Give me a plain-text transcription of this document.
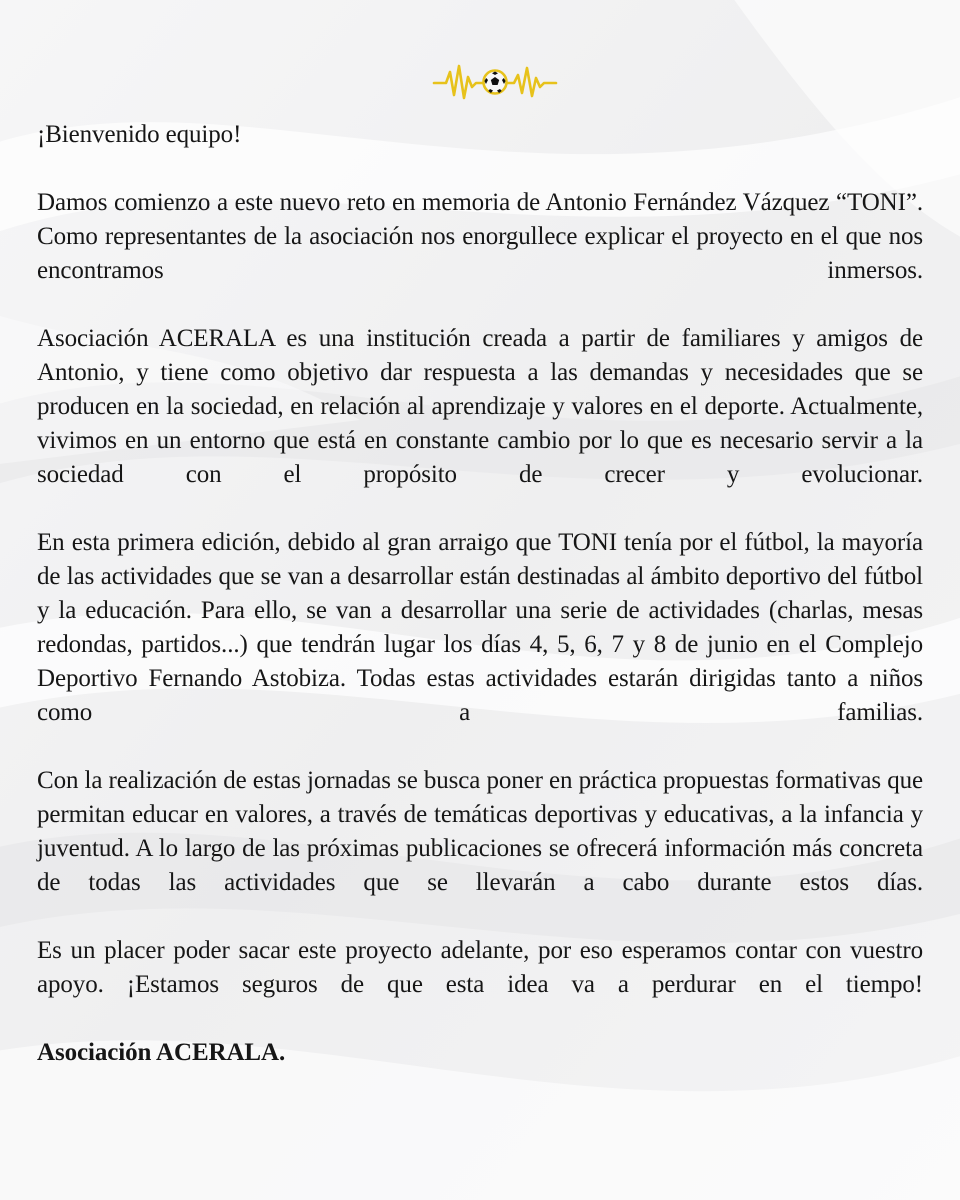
¡Bienvenido equipo!

Damos comienzo a este nuevo reto en memoria de Antonio Fernández Vázquez “TONI”. Como representantes de la asociación nos enorgullece explicar el proyecto en el que nos encontramos inmersos.

Asociación ACERALA es una institución creada a partir de familiares y amigos de Antonio, y tiene como objetivo dar respuesta a las demandas y necesidades que se producen en la sociedad, en relación al aprendizaje y valores en el deporte. Actualmente, vivimos en un entorno que está en constante cambio por lo que es necesario servir a la sociedad con el propósito de crecer y evolucionar.

En esta primera edición, debido al gran arraigo que TONI tenía por el fútbol, la mayoría de las actividades que se van a desarrollar están destinadas al ámbito deportivo del fútbol y la educación. Para ello, se van a desarrollar una serie de actividades (charlas, mesas redondas, partidos...) que tendrán lugar los días 4, 5, 6, 7 y 8 de junio en el Complejo Deportivo Fernando Astobiza. Todas estas actividades estarán dirigidas tanto a niños como a familias.

Con la realización de estas jornadas se busca poner en práctica propuestas formativas que permitan educar en valores, a través de temáticas deportivas y educativas, a la infancia y juventud. A lo largo de las próximas publicaciones se ofrecerá información más concreta de todas las actividades que se llevarán a cabo durante estos días.

Es un placer poder sacar este proyecto adelante, por eso esperamos contar con vuestro apoyo. ¡Estamos seguros de que esta idea va a perdurar en el tiempo!

Asociación ACERALA.
